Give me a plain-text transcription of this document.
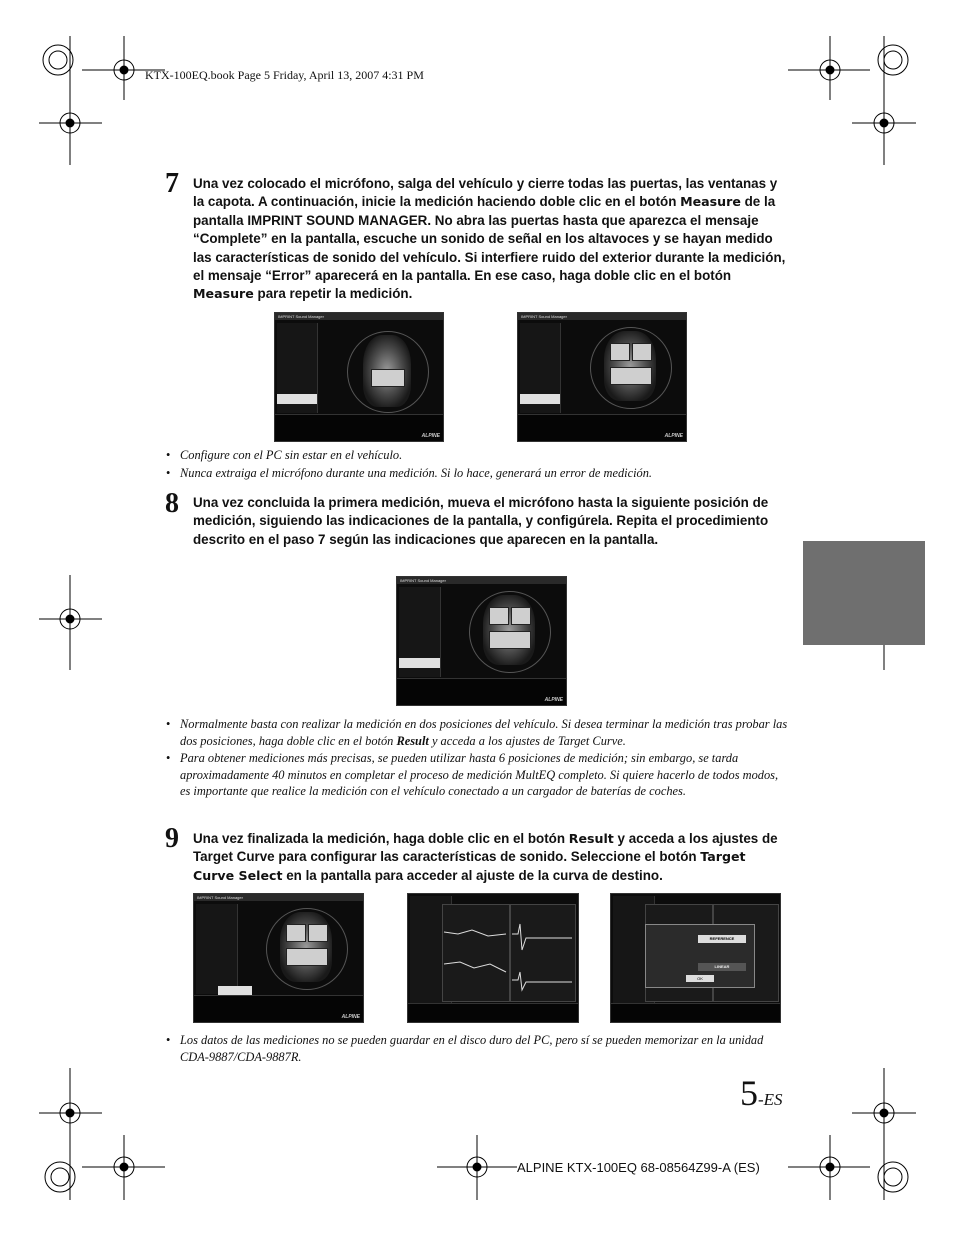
KTX-100EQ.book Page 5 Friday, April 13, 2007 4:31 PM
7 Una vez colocado el micrófono, salga del vehículo y cierre todas las puertas, las ventanas y la capota. A continuación, inicie la medición haciendo doble clic en el botón Measure de la pantalla IMPRINT SOUND MANAGER. No abra las puertas hasta que aparezca el mensaje “Complete” en la pantalla, escuche un sonido de señal en los altavoces y se hayan medido las características de sonido del vehículo. Si interfiere ruido del exterior durante la medición, el mensaje “Error” aparecerá en la pantalla. En ese caso, haga doble clic en el botón Measure para repetir la medición.
IMPRINT Sound Manager
ALPINE
IMPRINT Sound Manager
ALPINE
• Configure con el PC sin estar en el vehículo.
• Nunca extraiga el micrófono durante una medición. Si lo hace, generará un error de medición.
8 Una vez concluida la primera medición, mueva el micrófono hasta la siguiente posición de medición, siguiendo las indicaciones de la pantalla, y configúrela. Repita el procedimiento descrito en el paso 7 según las indicaciones que aparecen en la pantalla.
IMPRINT Sound Manager
ALPINE
• Normalmente basta con realizar la medición en dos posiciones del vehículo. Si desea terminar la medición tras probar las dos posiciones, haga doble clic en el botón Result y acceda a los ajustes de Target Curve.
• Para obtener mediciones más precisas, se pueden utilizar hasta 6 posiciones de medición; sin embargo, se tarda aproximadamente 40 minutos en completar el proceso de medición MultEQ completo. Si quiere hacerlo de todos modos, es importante que realice la medición con el vehículo conectado a un cargador de baterías de coches.
9 Una vez finalizada la medición, haga doble clic en el botón Result y acceda a los ajustes de Target Curve para configurar las características de sonido. Seleccione el botón Target Curve Select en la pantalla para acceder al ajuste de la curva de destino.
IMPRINT Sound Manager
ALPINE
REFERENCE
LINEAR
OK
• Los datos de las mediciones no se pueden guardar en el disco duro del PC, pero sí se pueden memorizar en la unidad CDA-9887/CDA-9887R.
5-ES
ALPINE KTX-100EQ 68-08564Z99-A (ES)
